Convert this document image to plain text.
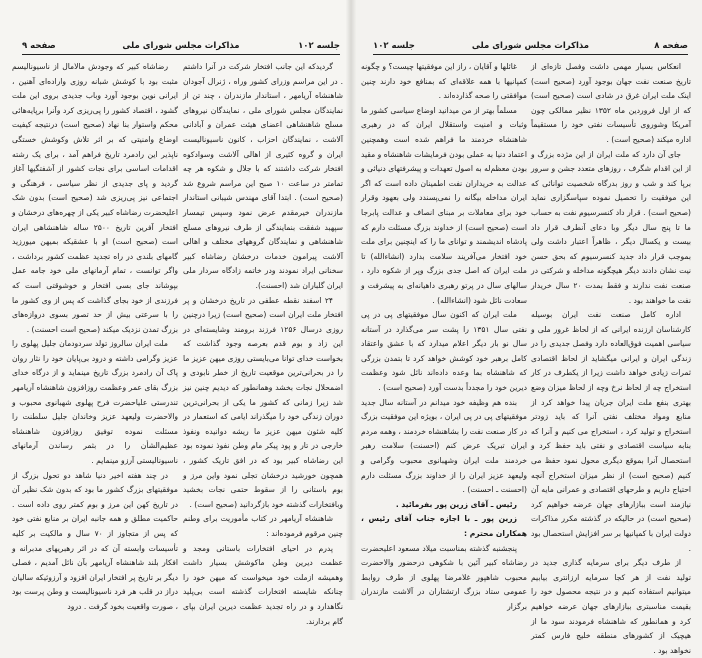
جلسه ۱۰۲
مذاکرات مجلس شورای ملی
صفحه ۹

گردیدکه این جانب افتخار شرکت در آنرا داشتم . در این مراسم وزرای کشور وراه ، ژنرال آجودان شاهنشاه آریامهر ، استاندار مازندران ، چند تن از نمایندگان مجلس شورای ملی ، نمایندگان نیروهای مسلح شاهنشاهی اعضای هیئت عمران و آبادانی آلاشت ، نمایندگان احزاب ، کانون ناسیونالیست ایران و گروه کثیری از اهالی آلاشت وسوادکوه افتخار شرکت داشتند که با جلال و شکوه هر چه تمامتر در ساعت ۱۰ صبح این مراسم شروع شد (صحیح است) . ابتدا آقای مهندس شیبانی استاندار مازندران خیرمقدم عرض نمود وسپس تیمسار سپهبد شفقت بنمایندگی از طرف نیروهای مسلح شاهنشاهی و نمایندگان گروههای مختلف و اهالی آلاشت پیرامون خدمات درخشان رضاشاه کبیر سخنانی ایراد نمودند ودر خاتمه زادگاه سردار ملی ایران گلباران شد (احسنت).

۲۴ اسفند نقطه عطفی در تاریخ درخشان و پر افتخار ملت ایران است (صحیح است) زیرا درچنین روزی درسال ۱۲۵۶ فرزند برومند وشایسته‌ای در این زاد و بوم قدم بعرصه وجود گذاشت که بخواست خدای توانا می‌بایستی روزی میهن عزیز ما را در بحرانی‌ترین موقعیت تاریخ از خطر نابودی و اضمحلال نجات بخشد وهمانطور که دیدیم چنین نیز شد زیرا زمانی که کشور ما یکی از بحرانی‌ترین دوران زندگی خود را میگذراند ایامی که استعمار در کلیه شئون میهن عزیز ما ریشه دوانیده ونفوذ خارجی در تار و پود پیکر مام وطن نفوذ نموده بود این رضاشاه کبیر بود که در افق تاریک کشور ، همچون خورشید درخشان تجلی نمود واین مرز و بوم باستانی را از سقوط حتمی نجات بخشید وبافتخارات گذشته خود بازگردانید (صحیح است) .

شاهنشاه آریامهر در کتاب مأموریت برای وطنم چنین مرقوم فرموده‌اند :

پدرم در احیای افتخارات باستانی ومجد و عظمت دیرین وطن ماکوشش بسیار داشت وهمیشه ازملت خود میخواست که میهن خود را چنانکه شایسته افتخارات گذشته است بی‌پلید نگاهدارد و در راه تجدید عظمت دیرین ایران بپای گام بردارند.

رضاشاه کبیر که وجودش مالامال از ناسیونالیسم مثبت بود با کوشش شبانه روزی واراده‌ای آهنین ، ایرانی نوین بوجود آورد وباب جدیدی بروی این ملت گشود ، اقتصاد کشور را پی‌ریزی کرد وآنرا برپایه‌هائی محکم واستوار بنا نهاد (صحیح است) درنتیجه کیفیت اوضاع وامنیتی که بر اثر تلاش وکوشش خستگی ناپذیر این رادمرد تاریخ فراهم آمد ، برای یک رشته اقدامات اساسی برای نجات کشور از آشفتگیها آغاز گردید و پای جدیدی از نظر سیاسی ، فرهنگی و اجتماعی نیز پی‌ریزی شد (صحیح است) بدون شک اعلیحضرت رضاشاه کبیر یکی از چهره‌های درخشان و افتخار آفرین تاریخ ۲۵۰۰ ساله شاهنشاهی ایران است (صحیح است) او با عشقیکه بمیهن میورزید گامهای بلندی در راه تجدید عظمت کشور برداشت ، واگر توانست ، تمام آرمانهای ملی خود جامه عمل بپوشاند جای بسی افتخار و خوشوقتی است که فرزندی از خود بجای گذاشت که پس از وی کشور ما را با سرعتی بیش از حد تصور بسوی دروازه‌های بزرگ تمدن نزدیک میکند (صحیح است احسنت) .

ملت ایران سالروز تولد سردودمان جلیل پهلوی را عزیز وگرامی داشته و درود بی‌پایان خود را نثار روان پاک آن رادمرد بزرگ تاریخ مینماید و از درگاه خدای بزرگ بقای عمر وعظمت روزافزون شاهنشاه آریامهر تندرستی علیاحضرت فرح پهلوی شهبانوی محبوب و والاحضرت ولیعهد عزیز وخاندان جلیل سلطنت را مسئلت نموده توفیق روزافزون شاهنشاه عظیم‌الشأن را در بثمر رساندن آرمانهای ناسیونالیستی آرزو مینمایم .

در چند هفته اخیر دنیا شاهد دو تحول بزرگ از موفقیتهای بزرگ کشور ما بود که بدون شک نظیر آن در تاریخ کهن این مرز و بوم کمتر روی داده است . حاکمیت مطلق و همه جانبه ایران بر منابع نفتی خود که پس از متجاوز از ۷۰ سال و مالکیت بر کلیه تأسیسات وابسته آن که در اثر رهبریهای مدبرانه و افکار بلند شاهنشاه آریامهر بآن نائل آمدیم ، فصلی دیگر بر تاریخ پر افتخار ایران افزود و آرزوئیکه سالیان دراز در قلب هر فرد ناسیونالیست و وطن پرست بود ، صورت واقعیت بخود گرفت . درود

صفحه ۸
مذاکرات مجلس شورای ملی
جلسه ۱۰۲

انعکاس بسیار مهمی داشت وفصل تازه‌ای از تاریخ صنعت نفت جهان بوجود آورد (صحیح است) اینک ملت ایران غرق در شادی است (صحیح است) که از اول فروردین ماه ۱۳۵۲ نظیر ممالکی چون آمریکا وشوروی تأسیسات نفتی خود را مستقیماً اداره میکند (صحیح است) .

جای آن دارد که ملت ایران از این مژده بزرگ و از این اقدام شگرف ، روزهای متعدد جشن و سرور برپا کند و شب و روز بدرگاه شخصیت توانائی که این موفقیت را تحصیل نموده سپاسگزاری نماید (صحیح است) . قرار داد کنسرسیوم نفت به حساب ما تا پنج سال دیگر وبا دعای آنطرف قرار داد بیست و یکسال دیگر ، ظاهراً اعتبار داشت ولی بموجب قرار داد جدید کنسرسیوم که بحق حسن نیت نشان دادند دیگر هیچگونه مداخله و شرکتی در صنعت نفت ندارند و فقط بمدت ۲۰ سال خریدار نفت ما خواهند بود .

اداره کامل صنعت نفت ایران بوسیله کارشناسان ارزنده ایرانی که از لحاظ غرور ملی و سیاسی اهمیت فوق‌العاده دارد وفصل جدیدی را در زندگی ایران و ایرانی میگشاید از لحاظ اقتصادی ثمرات زیادی خواهد داشت زیرا از یکطرف در کار استخراج چه از لحاظ نرخ وچه از لحاظ میزان وضع بهتری بنفع ملت ایران جریان پیدا خواهد کرد از منابع ومواد مختلف نفتی آنرا که باید زودتر استخراج و تولید کرد ، استخراج می کنیم و آنرا که بنابه سیاست اقتصادی و نفتی باید حفظ کرد و استحصال آنرا بموقع دیگری محول نمود حفظ می کنیم (صحیح است) از نظر میزان استخراج آنچه احتیاج داریم و طرحهای اقتصادی و عمرانی مایه آن نیازمند است ببازارهای جهان عرضه خواهیم کرد (صحیح است) در حالیکه در گذشته مکرر مذاکرات دولت ایران با کمپانیها بر سر افزایش استحصال بود .

از طرف دیگر برای سرمایه گذاری جدید در تولید نفت از هر کجا سرمایه ارزانتری بیابیم میتوانیم استفاده کنیم و در نتیجه محصول خود را بقیمت مناسبتری ببازارهای جهان عرضه خواهیم کرد و همانطور که شاهنشاه فرمودند سود ما از هیچیک از کشورهای منطقه خلیج فارس کمتر نخواهد بود .

غائلها و آقایان ، راز این موفقیتها چیست؟ و چگونه کمپانیها با همه علاقه‌ای که بمنافع خود دارند چنین موافقتی را صحه گذارده‌اند .

مسلماً بهتر از من میدانید اوضاع سیاسی کشور ما وثبات و امنیت واستقلال ایران که در رهبری شاهنشاه خردمند ما فراهم شده است وهمچنین اعتماد دنیا به عملی بودن فرمایشات شاهنشاه و مقید بودن معظم‌له به اصول تعهدات و پیشرفتهای دنیائی و عدالت به خریداران نفت اطمینان داده است که اگر ایران مداخله بیگانه را نمی‌پسندد ولی بعهود وقرار خود برای معاملات بر مبنای انصاف و عدالت پابرجا است (صحیح است) از خداوند بزرگ مسئلت دارم که پادشاه اندیشمند و توانای ما را که اینچنین برای ملت خود افتخار می‌آفریند سلامت بدارد (انشاءالله) تا ملت ایران که اصل جدی بزرگ وپر از شکوه دارد ، سالهای سال در پرتو رهبری داهیانه‌ای به پیشرفت و سعادت نائل شود (انشاءالله) .

ملت ایران که اکنون سال موفقیتهای پی در پی نفتی سال ۱۳۵۱ را پشت سر می‌گذارد در آستانه سال نو بار دیگر اعلام میدارد که با عشق واعتقاد کامل برهبر خود کوشش خواهد کرد تا بتمدن بزرگی که شاهنشاه بما وعده داده‌اند نائل شود وعظمت دیرین خود را مجدداً بدست آورد (صحیح است) .

بنده هم وظیفه خود میدانم در آستانه سال جدید موفقیتهای پی در پی ایران ، بویژه این موفقیت بزرگ در کار صنعت نفت را بشاهنشاه خردمند ، وهمه مردم ایران تبریک عرض کنم (احسنت) سلامت رهبر خردمند ملت ایران وشهبانوی محبوب وگرامی و ولیعهد عزیز ایران را از خداوند بزرگ مسئلت دارم (احسنت ـ احسنت) .

رئیس ـ آقای زرین پور بفرمائید .

زرین پور ـ با اجازه جناب آقای رئیس ، همکاران محترم :

پنجشنبه گذشته بمناسبت میلاد مسعود اعلیحضرت رضاشاه کبیر آئین با شکوهی درحضور والاحضرت محبوب شاهپور غلامرضا پهلوی از طرف روابط عمومی ستاد بزرگ ارتشتاران در آلاشت مازندران برگزار
